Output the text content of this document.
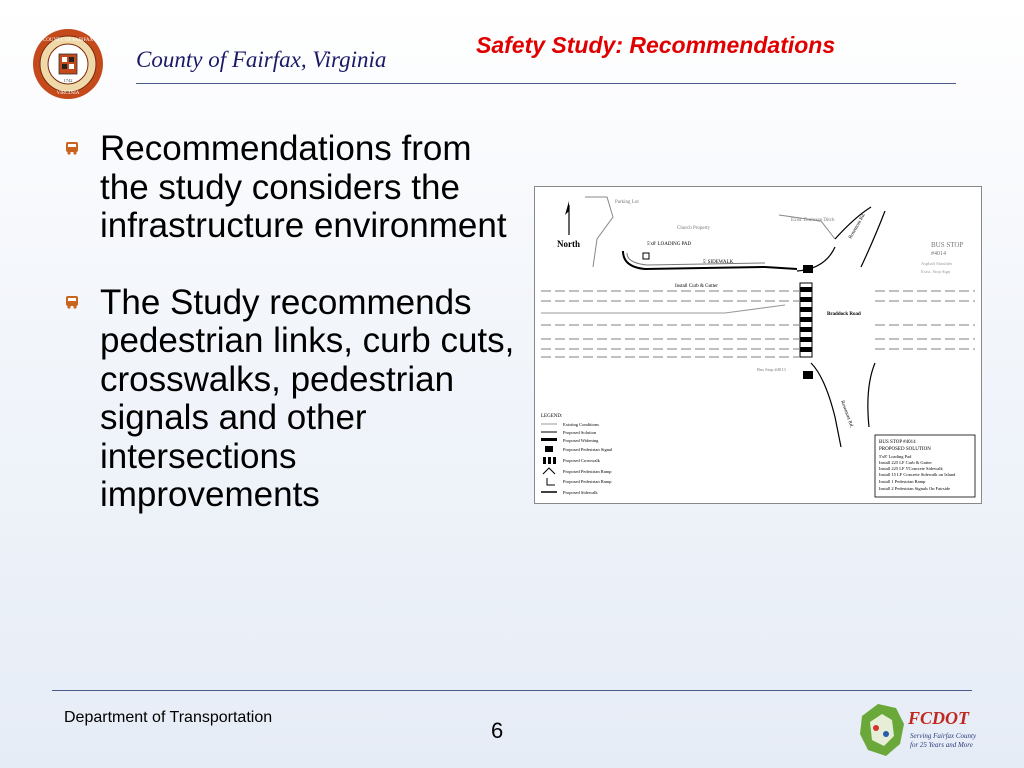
COUNTY OF FAIRFAX
1742
VIRGINIA
County of Fairfax, Virginia
Safety Study: Recommendations
Recommendations from the study considers the infrastructure environment
The Study recommends pedestrian links, curb cuts, crosswalks, pedestrian signals and other intersections improvements
North
Parking Lot
Church Property
Exist. Drainage Ditch
5'x8' LOADING PAD
5' SIDEWALK
Install Curb & Gutter
Braddock Road
Rosemont Rd.
Rosemont Rd.
BUS STOP
#4014
Asphalt Shoulder
Exist. Stop Sign
Bus Stop #4013
LEGEND:
Existing Conditions
Proposed Solution
Proposed Widening
Proposed Pedestrian Signal
Proposed Crosswalk
Proposed Pedestrian Ramp
Proposed Pedestrian Ramp
Proposed Sidewalk
BUS STOP #4014
PROPOSED SOLUTION
5'x8' Loading Pad
Install 225 LF Curb & Gutter
Install 225 LF 5'Concrete Sidewalk
Install 15 LF Concrete Sidewalk on Island
Install 1 Pedestrian Ramp
Install 2 Pedestrian Signals On Fairside
Department of Transportation
6	FCDOT
Serving Fairfax County
for 25 Years and More
